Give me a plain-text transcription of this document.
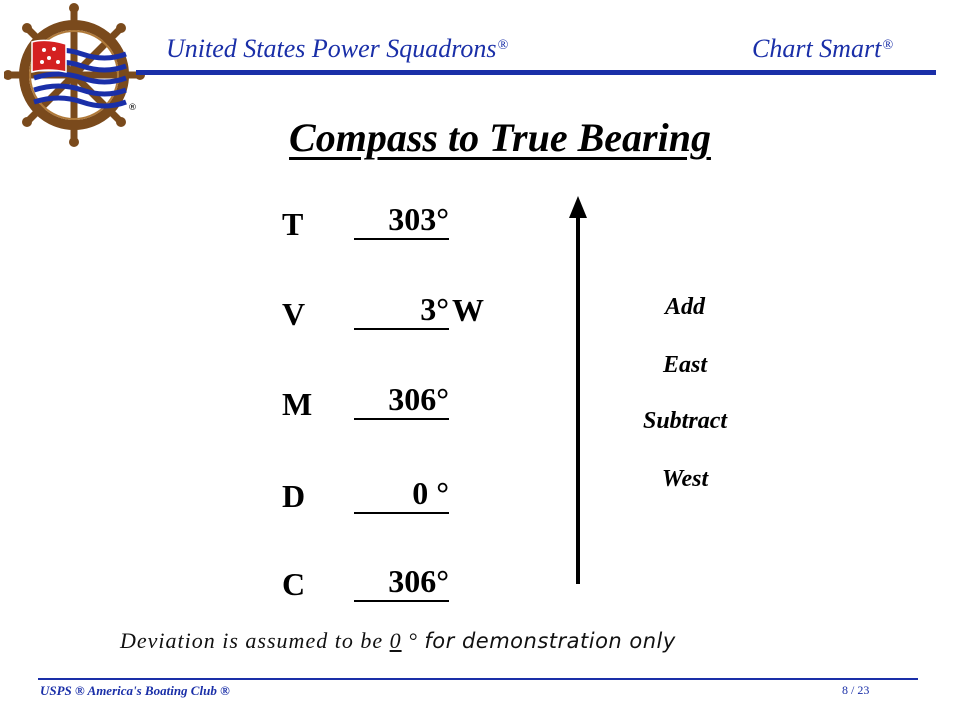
®
United States Power Squadrons®	Chart Smart®
Compass to True Bearing
T	303°
V	3° W
M	306°
D	0 °
C	306°
Add
East
Subtract
West
Deviation is assumed to be 0 ° for demonstration only
USPS ® America's Boating Club ®	8 / 23
